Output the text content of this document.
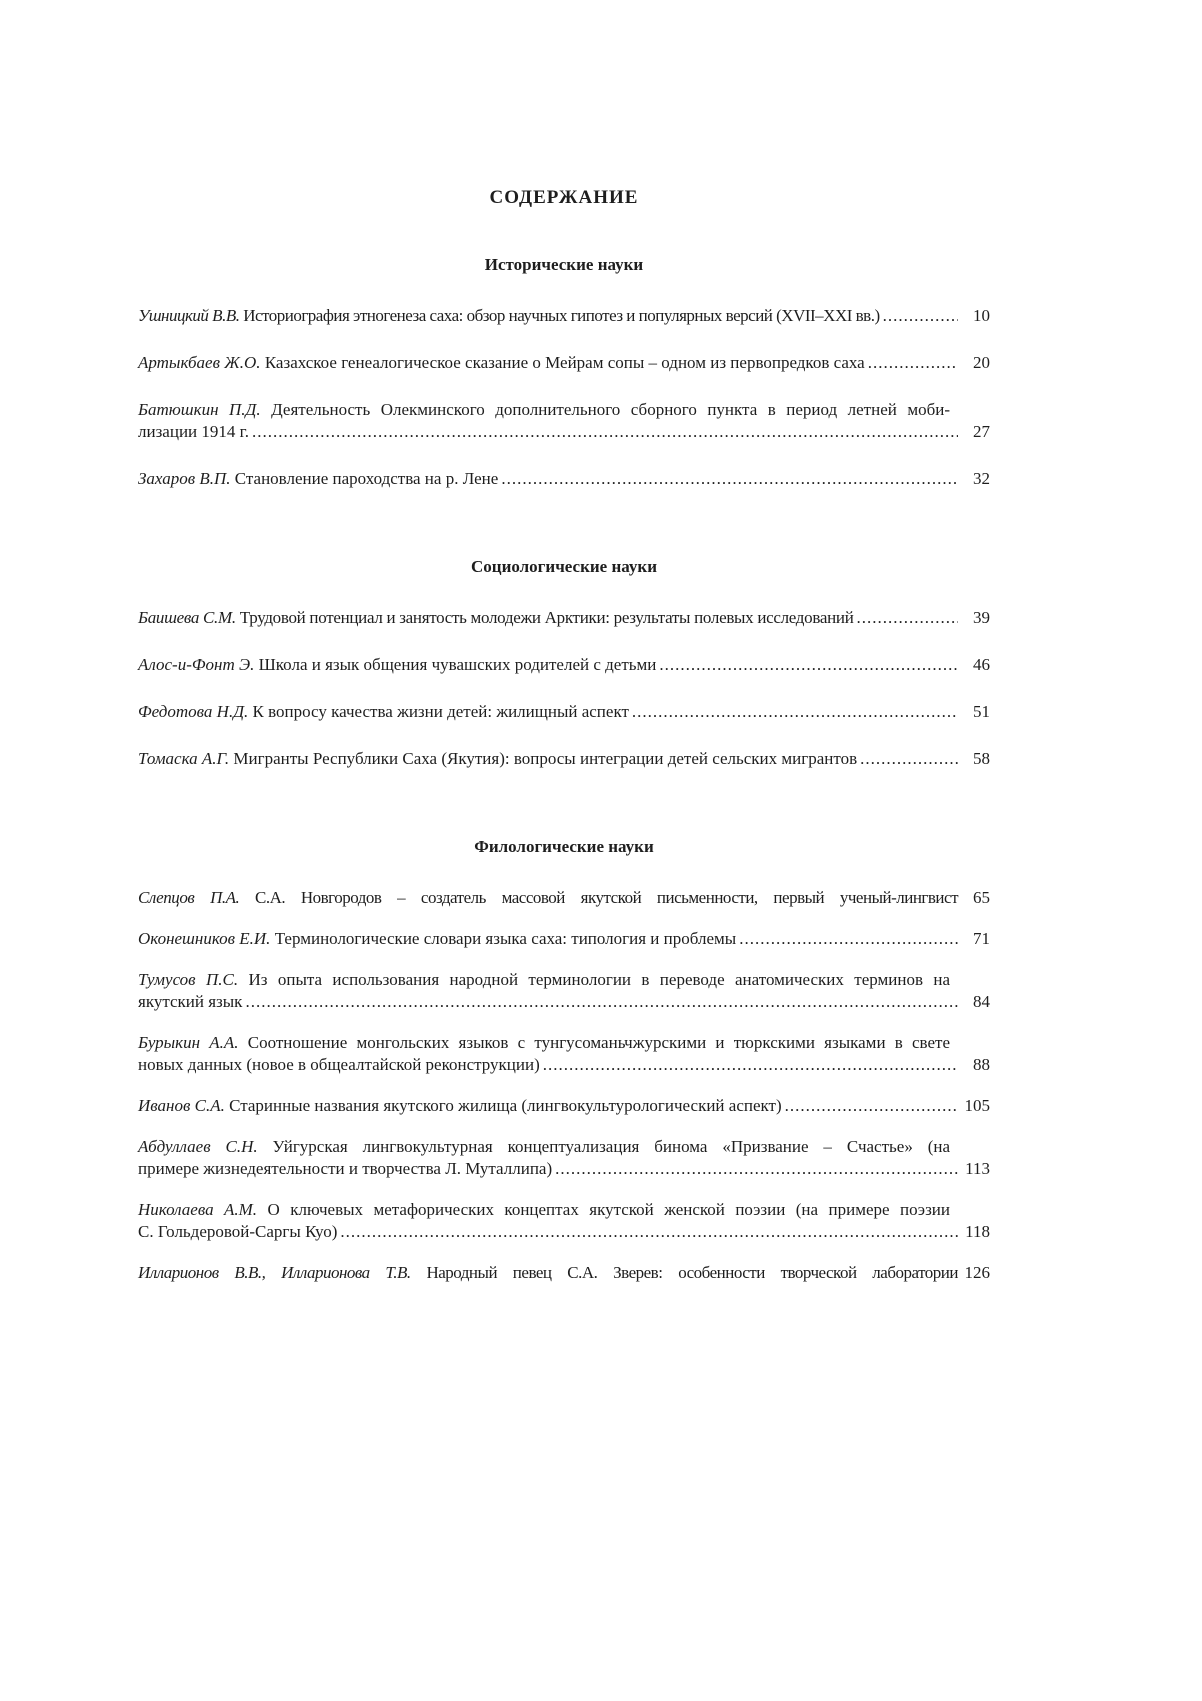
СОДЕРЖАНИЕ
Исторические науки
Ушницкий В.В. Историография этногенеза саха: обзор научных гипотез и популярных версий (XVII–XXI вв.) .....	10
Артыкбаев Ж.О. Казахское генеалогическое сказание о Мейрам сопы – одном из первопредков саха .....	20
Батюшкин П.Д. Деятельность Олекминского дополнительного сборного пункта в период летней моби-
лизации 1914 г. .....	27
Захаров В.П. Становление пароходства на р. Лене .....	32
Социологические науки
Баишева С.М. Трудовой потенциал и занятость молодежи Арктики: результаты полевых исследований .....	39
Алос-и-Фонт Э. Школа и язык общения чувашских родителей с детьми .....	46
Федотова Н.Д. К вопросу качества жизни детей: жилищный аспект .....	51
Томаска А.Г. Мигранты Республики Саха (Якутия): вопросы интеграции детей сельских мигрантов .....	58
Филологические науки
Слепцов П.А. С.А. Новгородов – создатель массовой якутской письменности, первый ученый-лингвист 65
Оконешников Е.И. Терминологические словари языка саха: типология и проблемы .....	71
Тумусов П.С. Из опыта использования народной терминологии в переводе анатомических терминов на
якутский язык .....	84
Бурыкин А.А. Соотношение монгольских языков с тунгусоманьчжурскими и тюркскими языками в свете
новых данных (новое в общеалтайской реконструкции) .....	88
Иванов С.А. Старинные названия якутского жилища (лингвокультурологический аспект) .....	105
Абдуллаев С.Н. Уйгурская лингвокультурная концептуализация бинома «Призвание – Счастье» (на
примере жизнедеятельности и творчества Л. Муталлипа) .....	113
Николаева А.М. О ключевых метафорических концептах якутской женской поэзии (на примере поэзии
С. Гольдеровой-Саргы Куо) .....	118
Илларионов В.В., Илларионова Т.В. Народный певец С.А. Зверев: особенности творческой лаборатории 126
